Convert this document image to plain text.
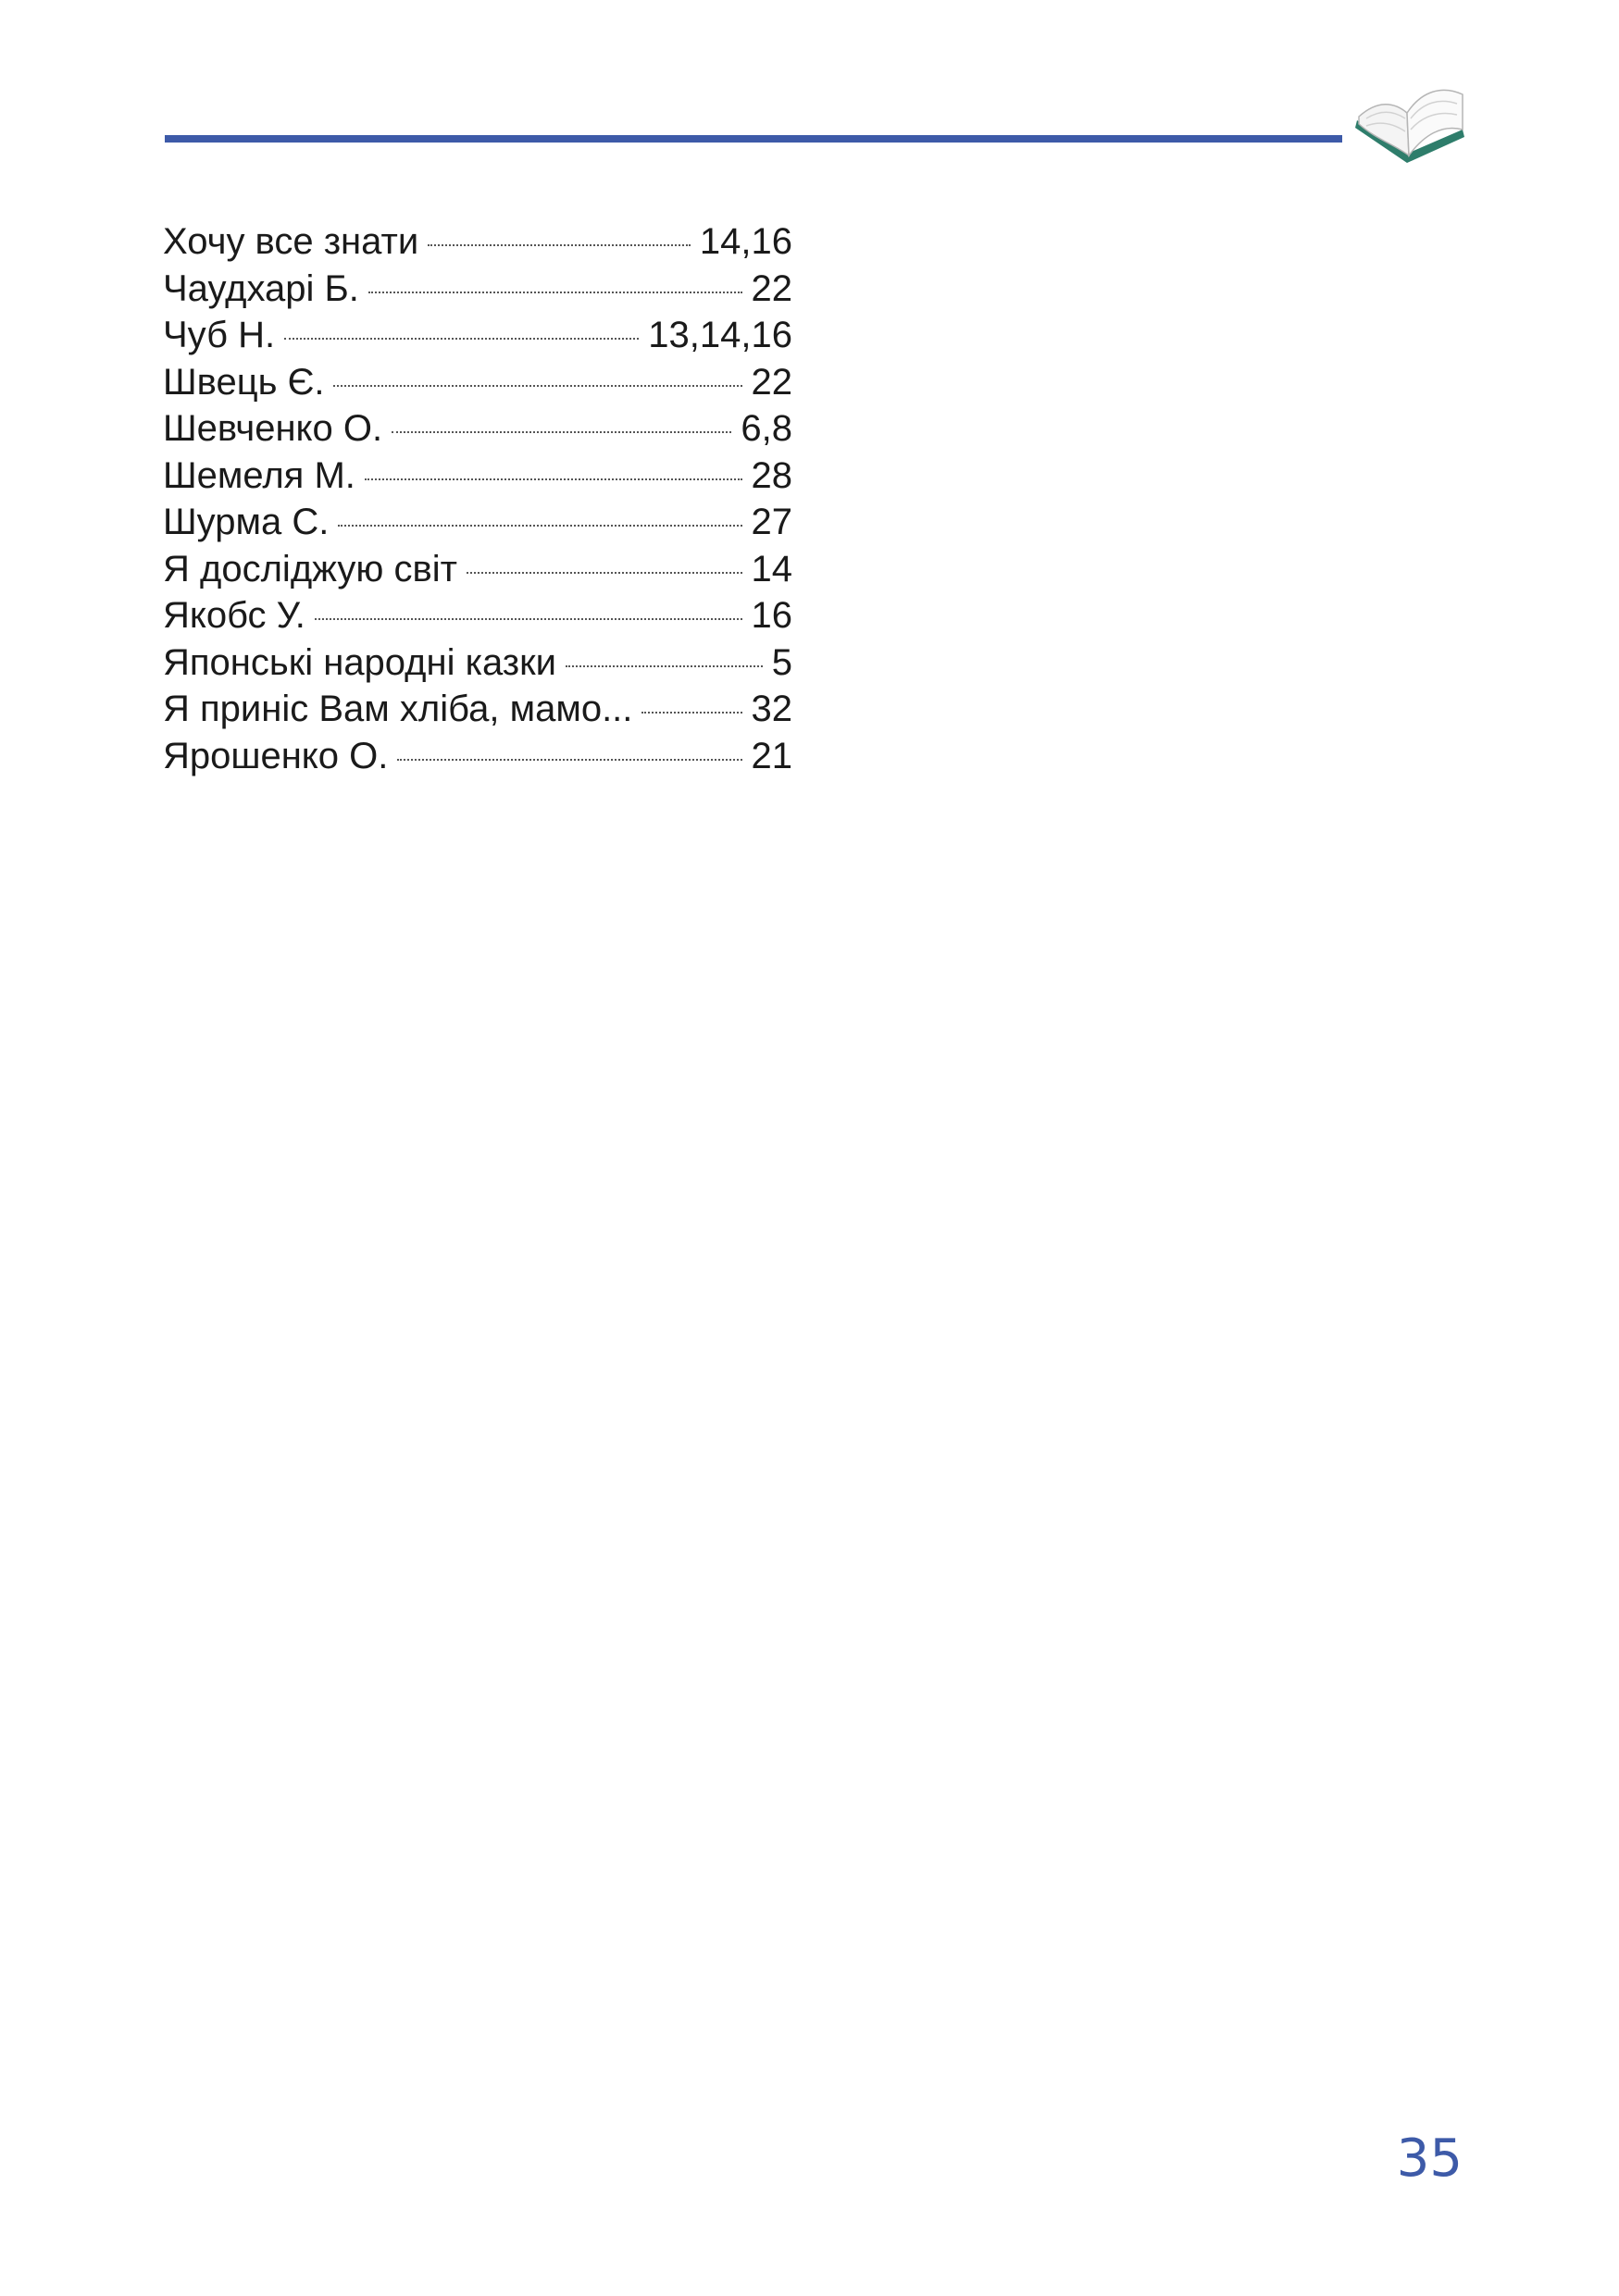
Хочу все знати	14,16
Чаудхарі Б.	22
Чуб Н.	13,14,16
Швець Є.	22
Шевченко О.	6,8
Шемеля М.	28
Шурма С.	27
Я досліджую світ	14
Якобс У.	16
Японські народні казки	5
Я приніс Вам хліба, мамо...	32
Ярошенко О.	21
35
